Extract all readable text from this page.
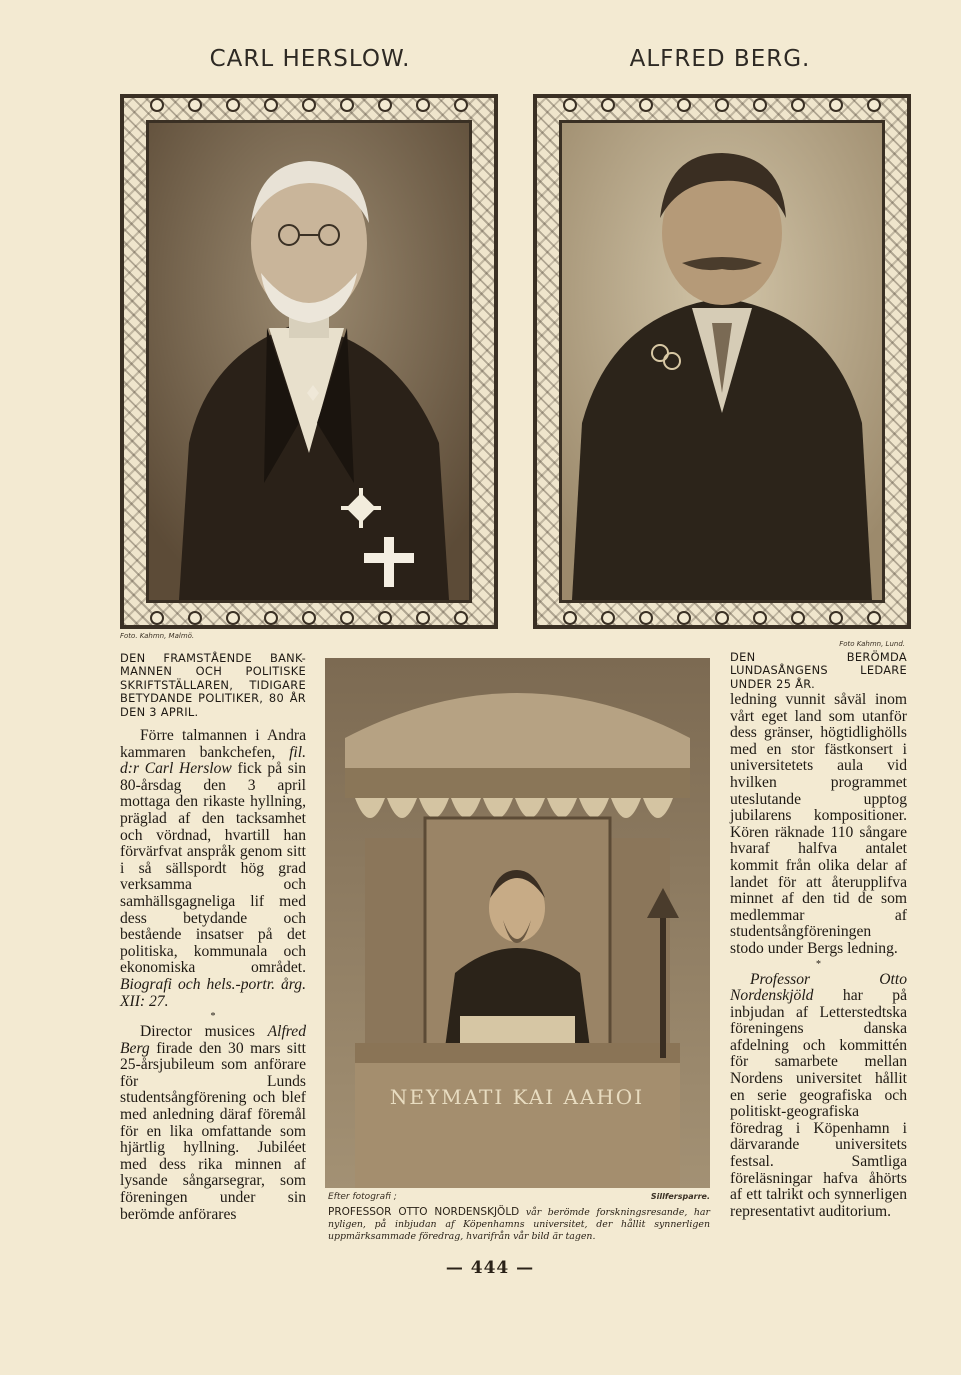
CARL HERSLOW.	ALFRED BERG.
Foto. Kahmn, Malmö.
DEN FRAMSTÅENDE BANK-MANNEN OCH POLITISKE SKRIFTSTÄLLAREN, TIDIGARE BETYDANDE POLITIKER, 80 ÅR DEN 3 APRIL.
Foto Kahmn, Lund.
DEN BERÖMDA LUNDASÅNGENS LEDARE UNDER 25 ÅR.

Förre talmannen i Andra kammaren bankchefen, fil. d:r Carl Herslow fick på sin 80-årsdag den 3 april mottaga den rikaste hyllning, präglad af den tacksamhet och vördnad, hvartill han förvärfvat anspråk genom sitt i så sällspordt hög grad verksamma och samhällsgagneliga lif med dess betydande och bestående insatser på det politiska, kommunala och ekonomiska området. Biografi och hels.-portr. årg. XII: 27.

*

Director musices Alfred Berg firade den 30 mars sitt 25-årsjubileum som anförare för Lunds studentsångförening och blef med anledning däraf föremål för en lika omfattande som hjärtlig hyllning. Jubiléet med dess rika minnen af lysande sångarsegrar, som föreningen under sin berömde anförares

NEYMATI KAI AAHOI
Efter fotografi ;	Sillfersparre.
PROFESSOR OTTO NORDENSKJÖLD vår berömde forskningsresande, har nyligen, på inbjudan af Köpenhamns universitet, der hållit synnerligen uppmärksammade föredrag, hvarifrån vår bild är tagen.

ledning vunnit såväl inom vårt eget land som utanför dess gränser, högtidlighölls med en stor fästkonsert i universitetets aula vid hvilken programmet uteslutande upptog jubilarens kompositioner. Kören räknade 110 sångare hvaraf halfva antalet kommit från olika delar af landet för att återupplifva minnet af den tid de som medlemmar af studentsångföreningen stodo under Bergs ledning.

*

Professor Otto Nordenskjöld har på inbjudan af Letterstedtska föreningens danska afdelning och kommittén för samarbete mellan Nordens universitet hållit en serie geografiska och politiskt-geografiska föredrag i Köpenhamn i därvarande universitets festsal. Samtliga föreläsningar hafva åhörts af ett talrikt och synnerligen representativt auditorium.

— 444 —
